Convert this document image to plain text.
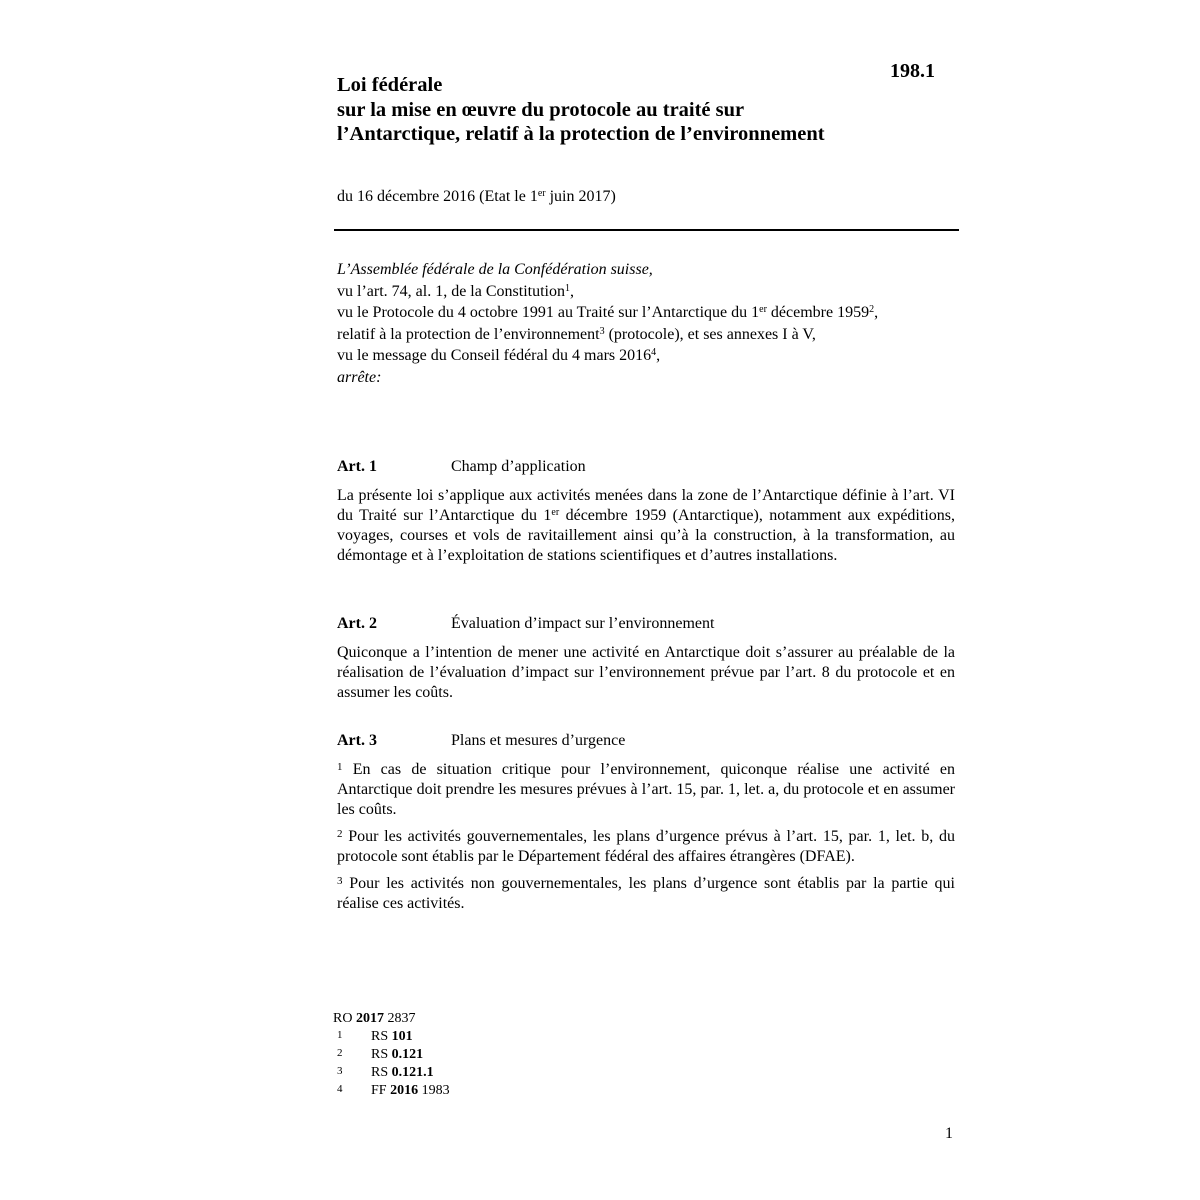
198.1
Loi fédérale
sur la mise en œuvre du protocole au traité sur
l’Antarctique, relatif à la protection de l’environnement
du 16 décembre 2016 (Etat le 1er juin 2017)
L’Assemblée fédérale de la Confédération suisse,
vu l’art. 74, al. 1, de la Constitution$^1$,
vu le Protocole du 4 octobre 1991 au Traité sur l’Antarctique du 1er décembre 1959$^2$,
relatif à la protection de l’environnement$^3$ (protocole), et ses annexes I à V,
vu le message du Conseil fédéral du 4 mars 2016$^4$,
arrête:
Art. 1	Champ d’application
La présente loi s’applique aux activités menées dans la zone de l’Antarctique définie à l’art. VI du Traité sur l’Antarctique du 1er décembre 1959 (Antarctique), notamment aux expéditions, voyages, courses et vols de ravitaillement ainsi qu’à la construction, à la transformation, au démontage et à l’exploitation de stations scientifiques et d’autres installations.
Art. 2	Évaluation d’impact sur l’environnement
Quiconque a l’intention de mener une activité en Antarctique doit s’assurer au préalable de la réalisation de l’évaluation d’impact sur l’environnement prévue par l’art. 8 du protocole et en assumer les coûts.
Art. 3	Plans et mesures d’urgence
$^1$ En cas de situation critique pour l’environnement, quiconque réalise une activité en Antarctique doit prendre les mesures prévues à l’art. 15, par. 1, let. a, du protocole et en assumer les coûts.
$^2$ Pour les activités gouvernementales, les plans d’urgence prévus à l’art. 15, par. 1, let. b, du protocole sont établis par le Département fédéral des affaires étrangères (DFAE).
$^3$ Pour les activités non gouvernementales, les plans d’urgence sont établis par la partie qui réalise ces activités.
RO 2017 2837
1 RS 101
2 RS 0.121
3 RS 0.121.1
4 FF 2016 1983
1
